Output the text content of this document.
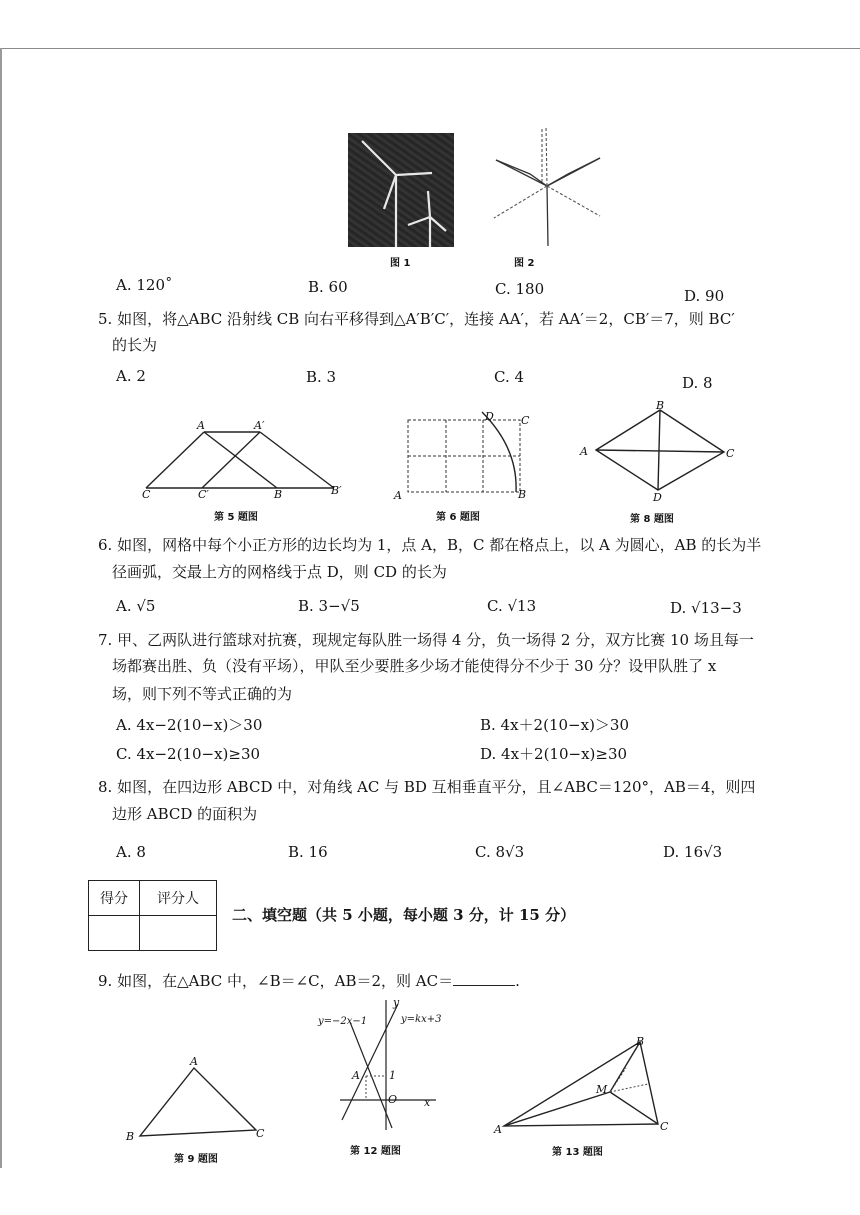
图 1	图 2
A. 120˚	B. 60	C. 180	D. 90
5. 如图，将△ABC 沿射线 CB 向右平移得到△A′B′C′，连接 AA′，若 AA′＝2，CB′＝7，则 BC′
的长为
A. 2	B. 3	C. 4	D. 8
A	A′
C	C′	B	B′
第 5 题图
D C
A	B
第 6 题图
B
A	C
D
第 8 题图
6. 如图，网格中每个小正方形的边长均为 1，点 A，B，C 都在格点上，以 A 为圆心，AB 的长为半
径画弧，交最上方的网格线于点 D，则 CD 的长为
A. √5	B. 3−√5	C. √13	D. √13−3
7. 甲、乙两队进行篮球对抗赛，现规定每队胜一场得 4 分，负一场得 2 分，双方比赛 10 场且每一
场都赛出胜、负（没有平场），甲队至少要胜多少场才能使得分不少于 30 分？设甲队胜了 x
场，则下列不等式正确的为
A. 4x−2(10−x)＞30	B. 4x＋2(10−x)＞30
C. 4x−2(10−x)≥30	D. 4x＋2(10−x)≥30
8. 如图，在四边形 ABCD 中，对角线 AC 与 BD 互相垂直平分，且∠ABC＝120°，AB＝4，则四
边形 ABCD 的面积为
A. 8	B. 16	C. 8√3	D. 16√3
得分	评分人

二、填空题（共 5 小题，每小题 3 分，计 15 分）
9. 如图，在△ABC 中，∠B＝∠C，AB＝2，则 AC＝	.
A
B	C
第 9 题图
y=−2x−1	y=kx+3
y
x
A	1
O
第 12 题图
B
M
A	C
第 13 题图
